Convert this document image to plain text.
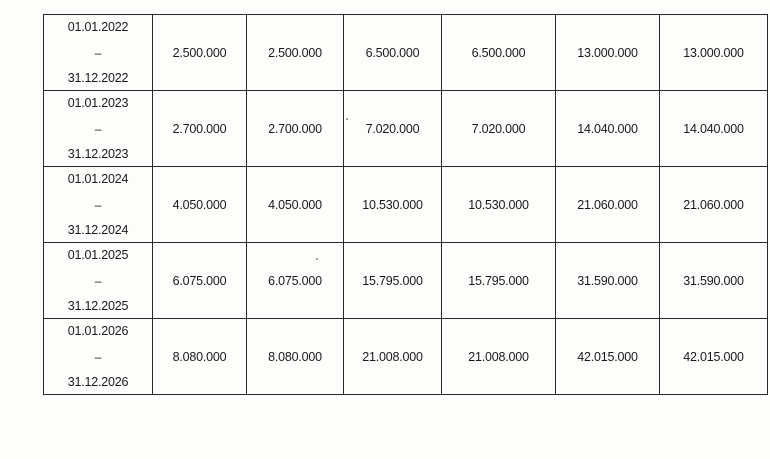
01.01.2022
–
31.12.2022	2.500.000	2.500.000	6.500.000	6.500.000	13.000.000	13.000.000

01.01.2023
–
31.12.2023	2.700.000	2.700.000	7.020.000	7.020.000	14.040.000	14.040.000

01.01.2024
–
31.12.2024	4.050.000	4.050.000	10.530.000	10.530.000	21.060.000	21.060.000

01.01.2025
–
31.12.2025	6.075.000	6.075.000	15.795.000	15.795.000	31.590.000	31.590.000

01.01.2026
–
31.12.2026	8.080.000	8.080.000	21.008.000	21.008.000	42.015.000	42.015.000
